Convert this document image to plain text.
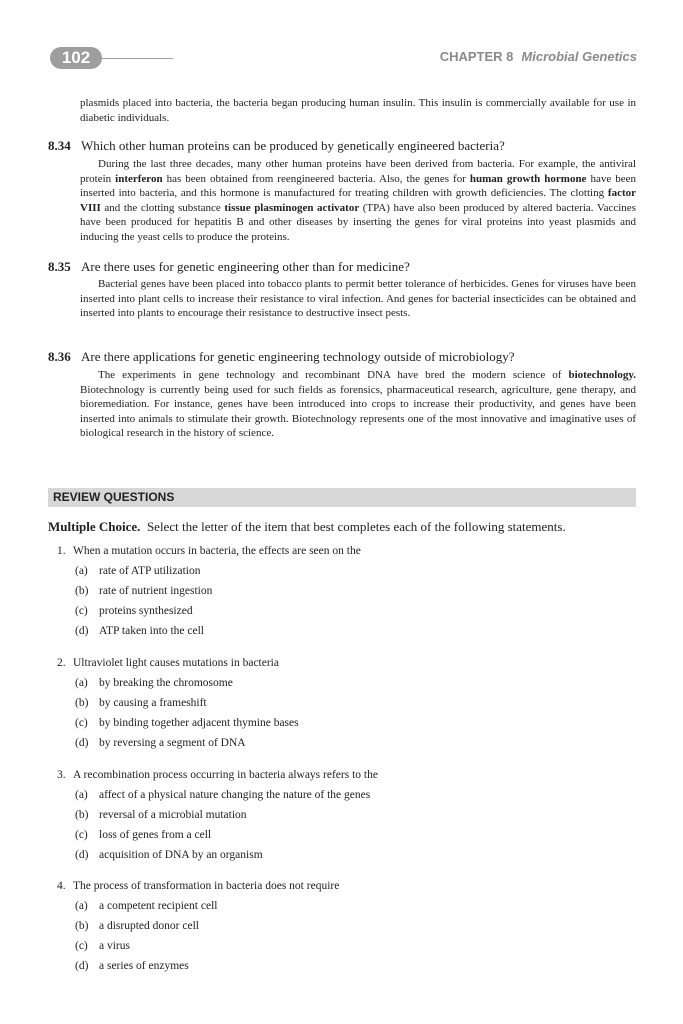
102	CHAPTER 8 Microbial Genetics

plasmids placed into bacteria, the bacteria began producing human insulin. This insulin is commercially available for use in diabetic individuals.

8.34 Which other human proteins can be produced by genetically engineered bacteria?

During the last three decades, many other human proteins have been derived from bacteria. For example, the antiviral protein interferon has been obtained from reengineered bacteria. Also, the genes for human growth hormone have been inserted into bacteria, and this hormone is manufactured for treating children with growth deficiencies. The clotting factor VIII and the clotting substance tissue plasminogen activator (TPA) have also been produced by altered bacteria. Vaccines have been produced for hepatitis B and other diseases by inserting the genes for viral proteins into yeast plasmids and inducing the yeast cells to produce the proteins.

8.35 Are there uses for genetic engineering other than for medicine?

Bacterial genes have been placed into tobacco plants to permit better tolerance of herbicides. Genes for viruses have been inserted into plant cells to increase their resistance to viral infection. And genes for bacterial insecticides can be obtained and inserted into plants to encourage their resistance to destructive insect pests.

8.36 Are there applications for genetic engineering technology outside of microbiology?

The experiments in gene technology and recombinant DNA have bred the modern science of biotechnology. Biotechnology is currently being used for such fields as forensics, pharmaceutical research, agriculture, gene therapy, and bioremediation. For instance, genes have been introduced into crops to increase their productivity, and genes have been inserted into animals to stimulate their growth. Biotechnology represents one of the most innovative and imaginative uses of biological research in the history of science.

REVIEW QUESTIONS
Multiple Choice. Select the letter of the item that best completes each of the following statements.
1. When a mutation occurs in bacteria, the effects are seen on the
(a) rate of ATP utilization
(b) rate of nutrient ingestion
(c) proteins synthesized
(d) ATP taken into the cell
2. Ultraviolet light causes mutations in bacteria
(a) by breaking the chromosome
(b) by causing a frameshift
(c) by binding together adjacent thymine bases
(d) by reversing a segment of DNA
3. A recombination process occurring in bacteria always refers to the
(a) affect of a physical nature changing the nature of the genes
(b) reversal of a microbial mutation
(c) loss of genes from a cell
(d) acquisition of DNA by an organism
4. The process of transformation in bacteria does not require
(a) a competent recipient cell
(b) a disrupted donor cell
(c) a virus
(d) a series of enzymes
